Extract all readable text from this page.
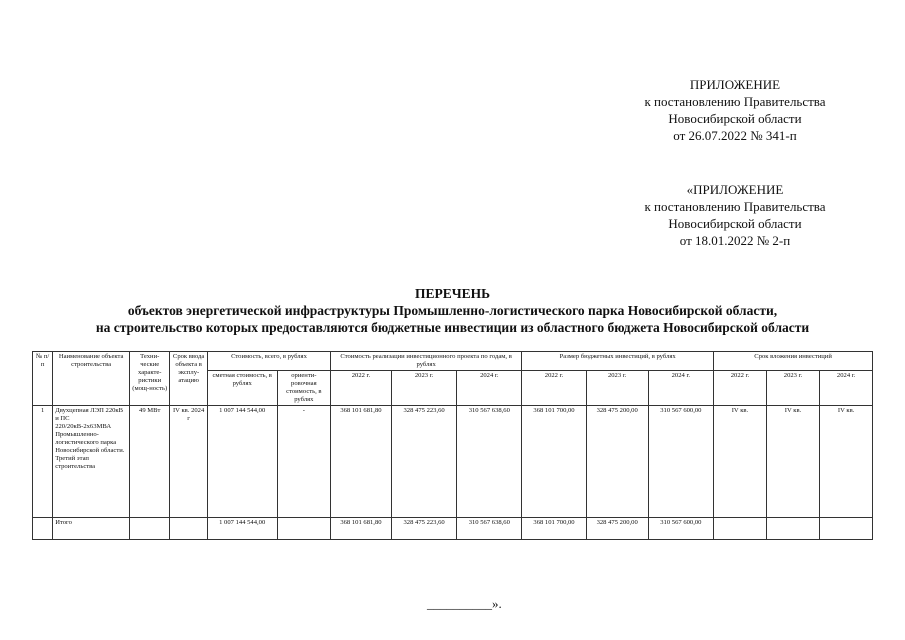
ПРИЛОЖЕНИЕ
к постановлению Правительства
Новосибирской области
от 26.07.2022 № 341-п
«ПРИЛОЖЕНИЕ
к постановлению Правительства
Новосибирской области
от 18.01.2022 № 2-п
ПЕРЕЧЕНЬ
объектов энергетической инфраструктуры Промышленно-логистического парка Новосибирской области,
на строительство которых предоставляются бюджетные инвестиции из областного бюджета Новосибирской области
№ п/п	Наименование объекта строительства	Техни-ческие характе-ристики (мощ-ность)	Срок ввода объекта в эксплу-атацию	Стоимость, всего, в рублях		Стоимость реализации инвестиционного проекта по годам, в рублях			Размер бюджетных инвестиций, в рублях			Срок вложения инвестиций		
				сметная стоимость, в рублях	ориенти-ровочная стоимость, в рублях	2022 г.	2023 г.	2024 г.	2022 г.	2023 г.	2024 г.	2022 г.	2023 г.	2024 г.
1	Двухцепная ЛЭП 220кВ и ПС 220/20кВ-2х63МВА Промышленно-логистического парка Новосибирской области. Третий этап строительства	49 МВт	IV кв. 2024 г	1 007 144 544,00	-	368 101 681,80	328 475 223,60	310 567 638,60	368 101 700,00	328 475 200,00	310 567 600,00	IV кв.	IV кв.	IV кв.
	Итого			1 007 144 544,00		368 101 681,80	328 475 223,60	310 567 638,60	368 101 700,00	328 475 200,00	310 567 600,00			
__________».
